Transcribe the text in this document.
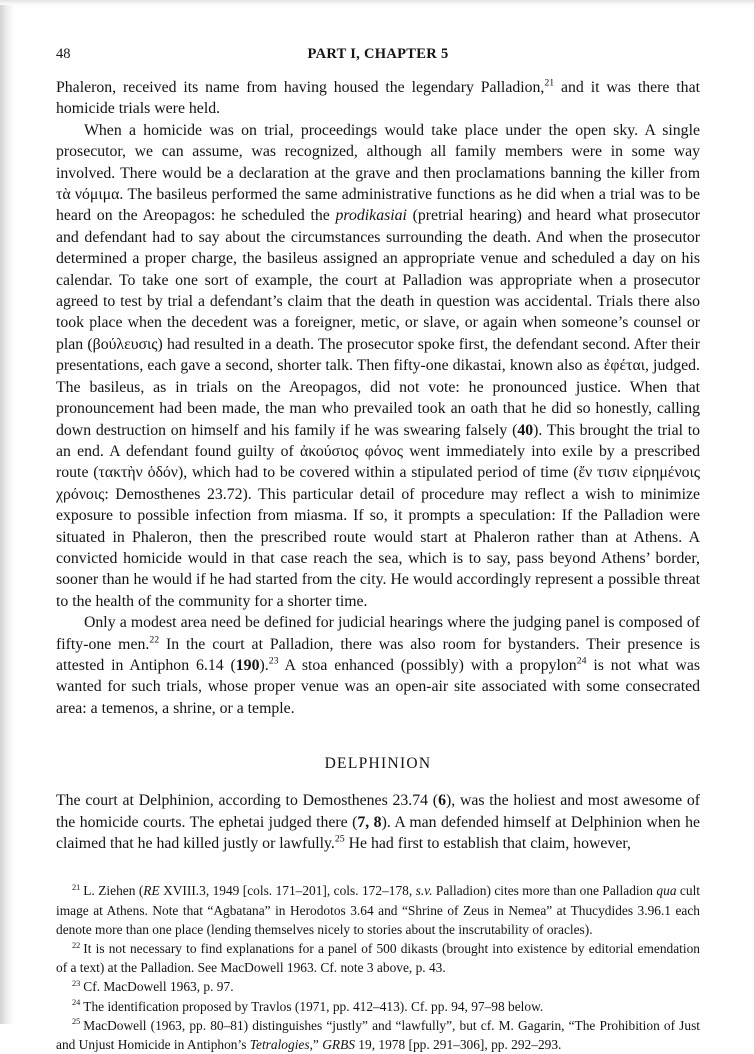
48	PART I, CHAPTER 5

Phaleron, received its name from having housed the legendary Palladion,$^{21}$ and it was there that homicide trials were held.

When a homicide was on trial, proceedings would take place under the open sky. A single prosecutor, we can assume, was recognized, although all family members were in some way involved. There would be a declaration at the grave and then proclamations banning the killer from τὰ νόμιμα. The basileus performed the same administrative functions as he did when a trial was to be heard on the Areopagos: he scheduled the prodikasiai (pretrial hearing) and heard what prosecutor and defendant had to say about the circumstances surrounding the death. And when the prosecutor determined a proper charge, the basileus assigned an appropriate venue and scheduled a day on his calendar. To take one sort of example, the court at Palladion was appropriate when a prosecutor agreed to test by trial a defendant’s claim that the death in question was accidental. Trials there also took place when the decedent was a foreigner, metic, or slave, or again when someone’s counsel or plan (βούλευσις) had resulted in a death. The prosecutor spoke first, the defendant second. After their presentations, each gave a second, shorter talk. Then fifty-one dikastai, known also as ἐφέται, judged. The basileus, as in trials on the Areopagos, did not vote: he pronounced justice. When that pronouncement had been made, the man who prevailed took an oath that he did so honestly, calling down destruction on himself and his family if he was swearing falsely (40). This brought the trial to an end. A defendant found guilty of ἀκούσιος φόνος went immediately into exile by a prescribed route (τακτὴν ὁδόν), which had to be covered within a stipulated period of time (ἔν τισιν εἰρημένοις χρόνοις: Demosthenes 23.72). This particular detail of procedure may reflect a wish to minimize exposure to possible infection from miasma. If so, it prompts a speculation: If the Palladion were situated in Phaleron, then the prescribed route would start at Phaleron rather than at Athens. A convicted homicide would in that case reach the sea, which is to say, pass beyond Athens’ border, sooner than he would if he had started from the city. He would accordingly represent a possible threat to the health of the community for a shorter time.

Only a modest area need be defined for judicial hearings where the judging panel is composed of fifty-one men.$^{22}$ In the court at Palladion, there was also room for bystanders. Their presence is attested in Antiphon 6.14 (190).$^{23}$ A stoa enhanced (possibly) with a propylon$^{24}$ is not what was wanted for such trials, whose proper venue was an open-air site associated with some consecrated area: a temenos, a shrine, or a temple.

DELPHINION

The court at Delphinion, according to Demosthenes 23.74 (6), was the holiest and most awesome of the homicide courts. The ephetai judged there (7, 8). A man defended himself at Delphinion when he claimed that he had killed justly or lawfully.$^{25}$ He had first to establish that claim, however,

$^{21}$ L. Ziehen (RE XVIII.3, 1949 [cols. 171–201], cols. 172–178, s.v. Palladion) cites more than one Palladion qua cult image at Athens. Note that “Agbatana” in Herodotos 3.64 and “Shrine of Zeus in Nemea” at Thucydides 3.96.1 each denote more than one place (lending themselves nicely to stories about the inscrutability of oracles).

$^{22}$ It is not necessary to find explanations for a panel of 500 dikasts (brought into existence by editorial emendation of a text) at the Palladion. See MacDowell 1963. Cf. note 3 above, p. 43.

$^{23}$ Cf. MacDowell 1963, p. 97.

$^{24}$ The identification proposed by Travlos (1971, pp. 412–413). Cf. pp. 94, 97–98 below.

$^{25}$ MacDowell (1963, pp. 80–81) distinguishes “justly” and “lawfully”, but cf. M. Gagarin, “The Prohibition of Just and Unjust Homicide in Antiphon’s Tetralogies,” GRBS 19, 1978 [pp. 291–306], pp. 292–293.
